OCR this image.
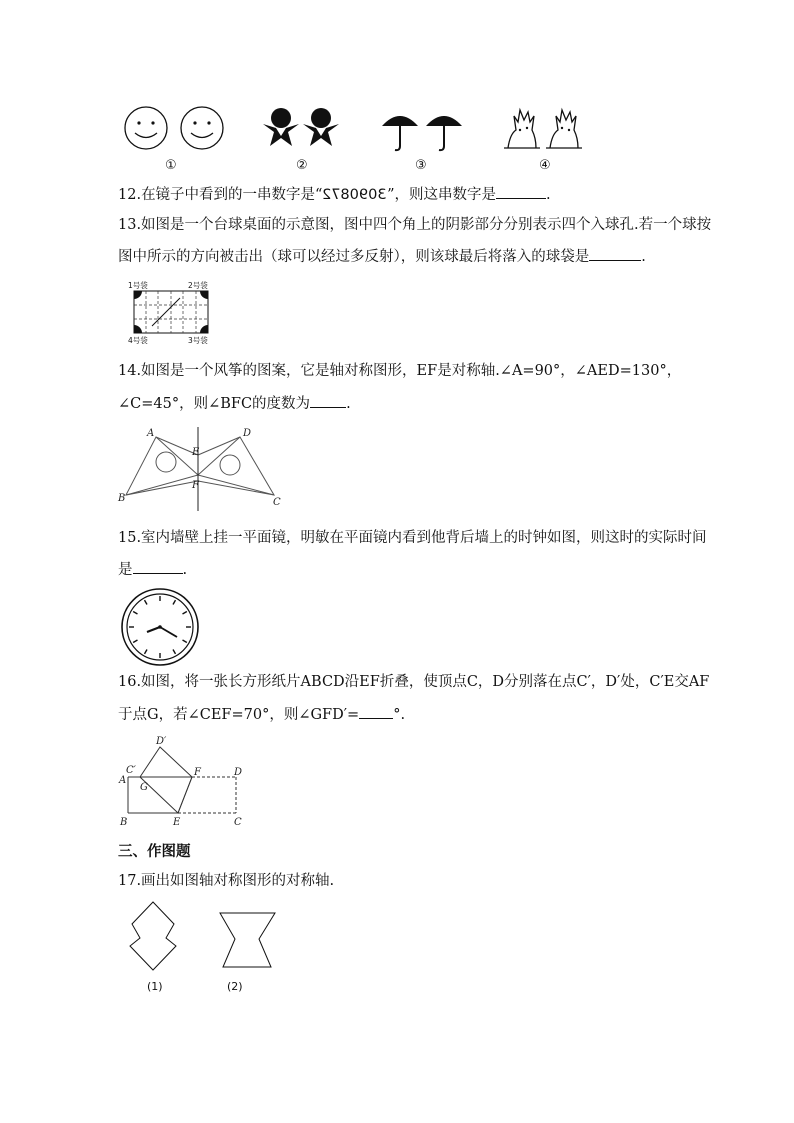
①	②	③	④
12.在镜子中看到的一串数字是“3090872”，则这串数字是	.
13.如图是一个台球桌面的示意图，图中四个角上的阴影部分分别表示四个入球孔.若一个球按
图中所示的方向被击出（球可以经过多反射），则该球最后将落入的球袋是	.
1号袋	2号袋
4号袋	3号袋
14.如图是一个风筝的图案，它是轴对称图形，EF是对称轴.∠A=90°，∠AED=130°，
∠C=45°，则∠BFC的度数为 .
A
B	C
D
E
F
15.室内墙壁上挂一平面镜，明敏在平面镜内看到他背后墙上的时钟如图，则这时的实际时间
是	.
16.如图，将一张长方形纸片ABCD沿EF折叠，使顶点C，D分别落在点C′，D′处，C′E交AF
于点G，若∠CEF=70°，则∠GFD′= °.
D′
C′
A
G
F	D
B	E	C
三、作图题
17.画出如图轴对称图形的对称轴.
(1)	(2)
